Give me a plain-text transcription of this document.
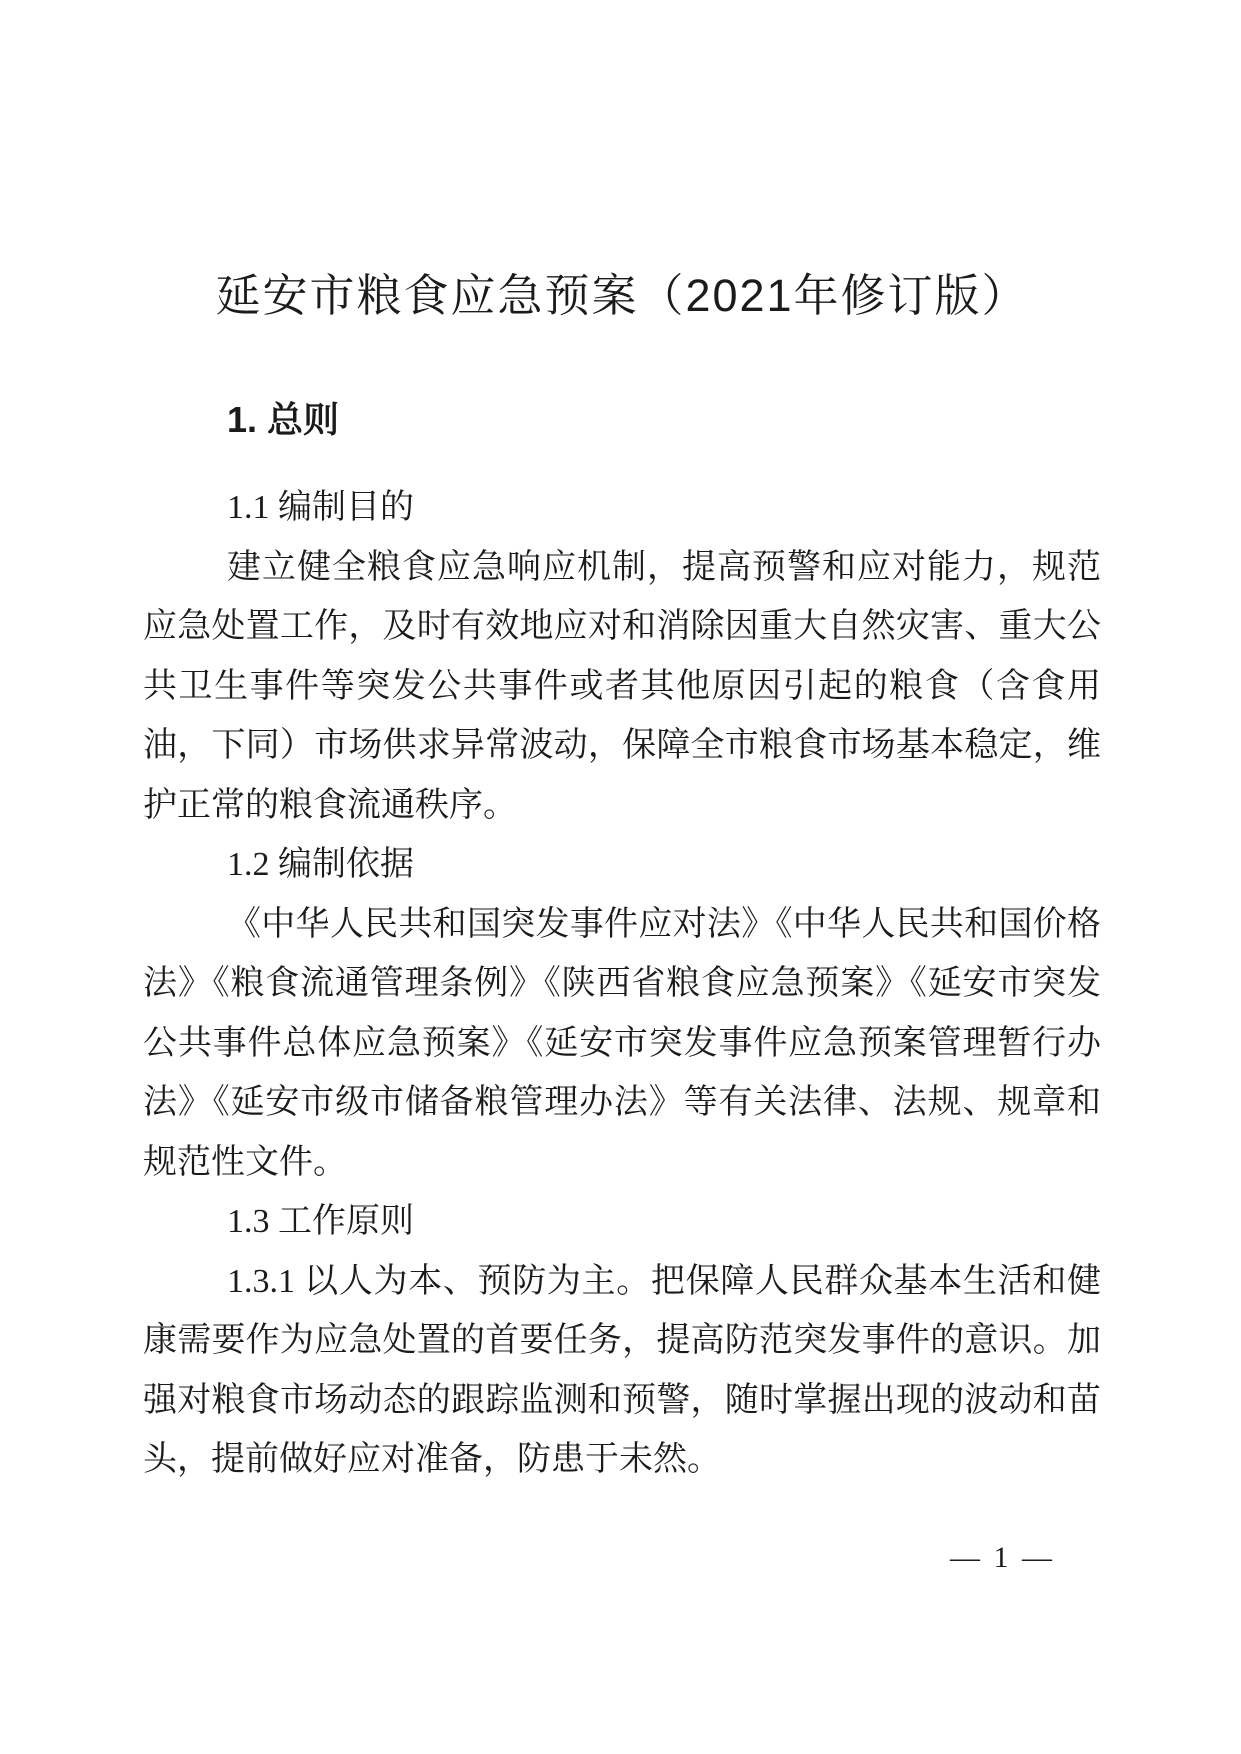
延安市粮食应急预案（2021年修订版）
1. 总则
1.1 编制目的

建立健全粮食应急响应机制，提高预警和应对能力，规范应急处置工作，及时有效地应对和消除因重大自然灾害、重大公共卫生事件等突发公共事件或者其他原因引起的粮食（含食用油，下同）市场供求异常波动，保障全市粮食市场基本稳定，维护正常的粮食流通秩序。

1.2 编制依据

《中华人民共和国突发事件应对法》《中华人民共和国价格法》《粮食流通管理条例》《陕西省粮食应急预案》《延安市突发公共事件总体应急预案》《延安市突发事件应急预案管理暂行办法》《延安市级市储备粮管理办法》等有关法律、法规、规章和规范性文件。

1.3 工作原则

1.3.1 以人为本、预防为主。把保障人民群众基本生活和健康需要作为应急处置的首要任务，提高防范突发事件的意识。加强对粮食市场动态的跟踪监测和预警，随时掌握出现的波动和苗头，提前做好应对准备，防患于未然。

— 1 —
